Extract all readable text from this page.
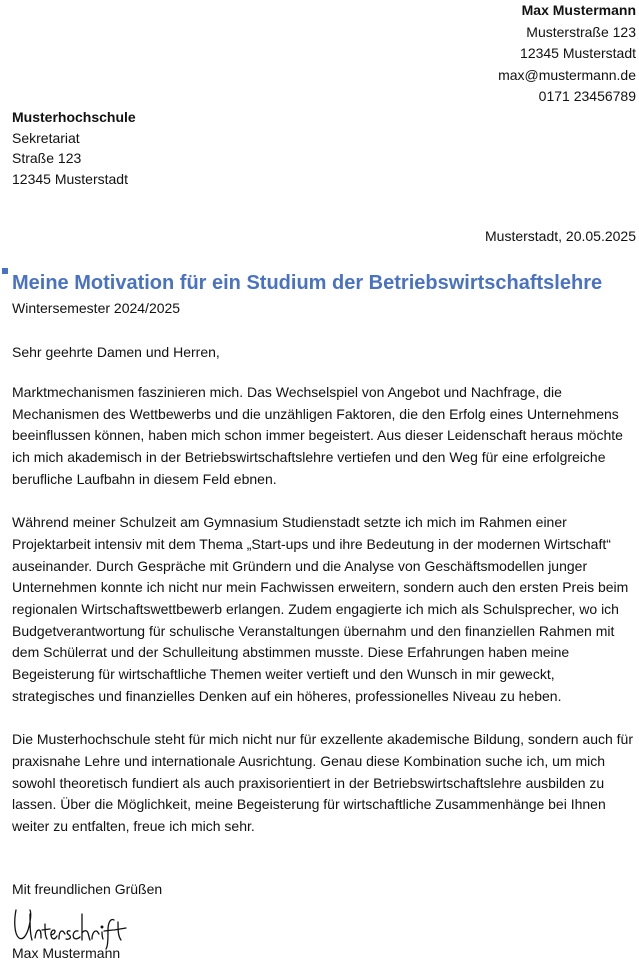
Max Mustermann
Musterstraße 123
12345 Musterstadt
max@mustermann.de
0171 23456789
Musterhochschule
Sekretariat
Straße 123
12345 Musterstadt
Musterstadt, 20.05.2025
Meine Motivation für ein Studium der Betriebswirtschaftslehre
Wintersemester 2024/2025
Sehr geehrte Damen und Herren,

Marktmechanismen faszinieren mich. Das Wechselspiel von Angebot und Nachfrage, die Mechanismen des Wettbewerbs und die unzähligen Faktoren, die den Erfolg eines Unternehmens beeinflussen können, haben mich schon immer begeistert. Aus dieser Leidenschaft heraus möchte ich mich akademisch in der Betriebswirtschaftslehre vertiefen und den Weg für eine erfolgreiche berufliche Laufbahn in diesem Feld ebnen.

Während meiner Schulzeit am Gymnasium Studienstadt setzte ich mich im Rahmen einer Projektarbeit intensiv mit dem Thema „Start-ups und ihre Bedeutung in der modernen Wirtschaft“ auseinander. Durch Gespräche mit Gründern und die Analyse von Geschäftsmodellen junger Unternehmen konnte ich nicht nur mein Fachwissen erweitern, sondern auch den ersten Preis beim regionalen Wirtschaftswettbewerb erlangen. Zudem engagierte ich mich als Schulsprecher, wo ich Budgetverantwortung für schulische Veranstaltungen übernahm und den finanziellen Rahmen mit dem Schülerrat und der Schulleitung abstimmen musste. Diese Erfahrungen haben meine Begeisterung für wirtschaftliche Themen weiter vertieft und den Wunsch in mir geweckt, strategisches und finanzielles Denken auf ein höheres, professionelles Niveau zu heben.

Die Musterhochschule steht für mich nicht nur für exzellente akademische Bildung, sondern auch für praxisnahe Lehre und internationale Ausrichtung. Genau diese Kombination suche ich, um mich sowohl theoretisch fundiert als auch praxisorientiert in der Betriebswirtschaftslehre ausbilden zu lassen. Über die Möglichkeit, meine Begeisterung für wirtschaftliche Zusammenhänge bei Ihnen weiter zu entfalten, freue ich mich sehr.

Mit freundlichen Grüßen
Max Mustermann
